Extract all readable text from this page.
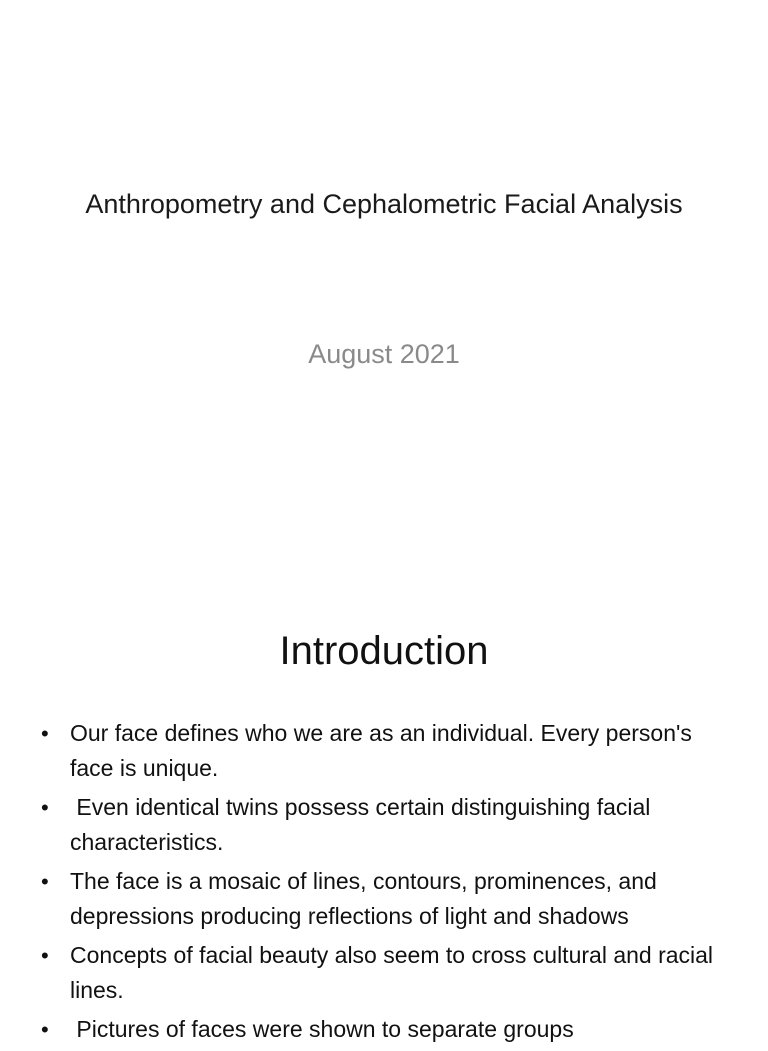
Anthropometry and Cephalometric Facial Analysis
August 2021
Introduction
• Our face defines who we are as an individual. Every person's face is unique.
• Even identical twins possess certain distinguishing facial characteristics.
• The face is a mosaic of lines, contours, prominences, and depressions producing reflections of light and shadows
• Concepts of facial beauty also seem to cross cultural and racial lines.
• Pictures of faces were shown to separate groups
